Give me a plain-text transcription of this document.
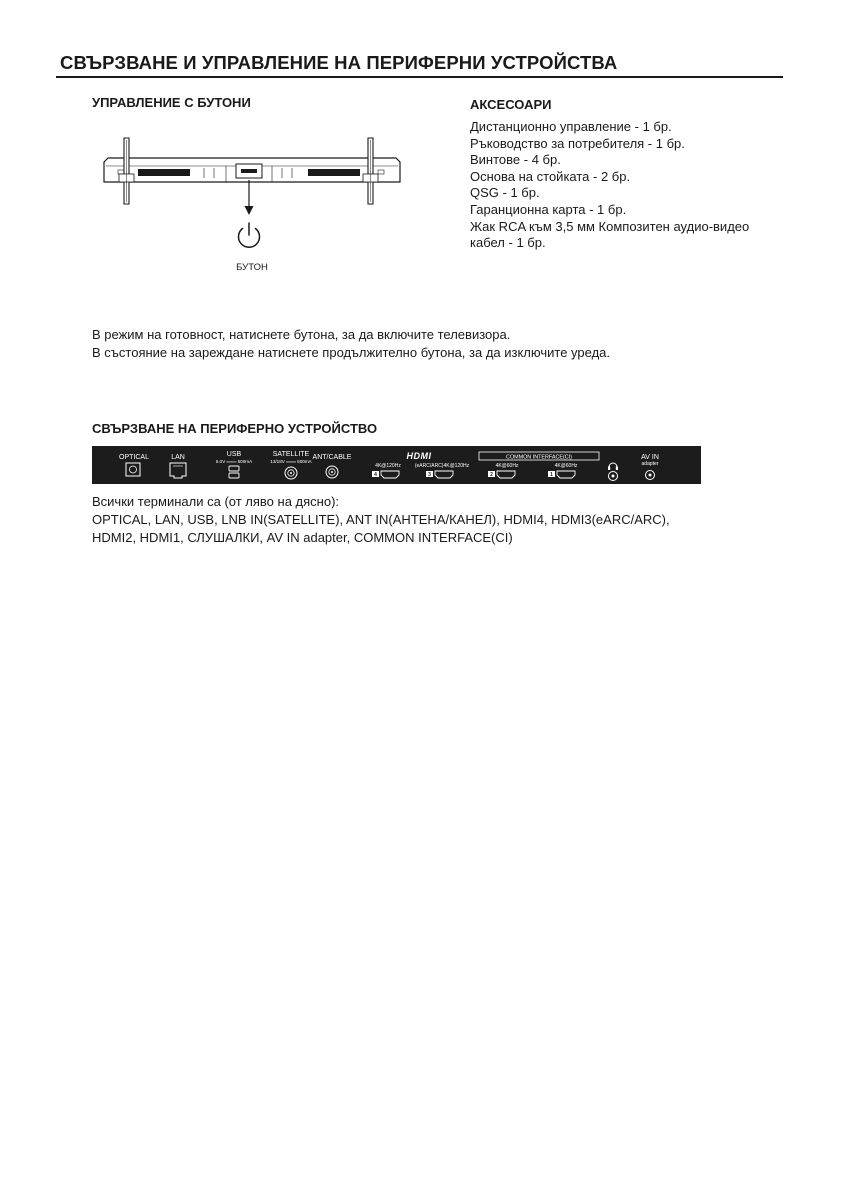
СВЪРЗВАНЕ И УПРАВЛЕНИЕ НА ПЕРИФЕРНИ УСТРОЙСТВА
УПРАВЛЕНИЕ С БУТОНИ
БУТОН
АКСЕСОАРИ
Дистанционно управление - 1 бр.
Ръководство за потребителя - 1 бр.
Винтове - 4 бр.
Основа на стойката - 2 бр.
QSG - 1 бр.
Гаранционна карта - 1 бр.
Жак RCA към 3,5 мм Композитен аудио-видео
кабел - 1 бр.
В режим на готовност, натиснете бутона, за да включите телевизора.
В състояние на зареждане натиснете продължително бутона, за да изключите уреда.
СВЪРЗВАНЕ НА ПЕРИФЕРНО УСТРОЙСТВО
OPTICAL	LAN	USB
5.0V ═══ 500mA
SATELLITE
13/18V ═══ 500mA
ANT/CABLE	HDMI
4K@120Hz
4
(eARC/ARC)4K@120Hz
3
COMMON INTERFACE(CI)
4K@60Hz
2
4K@60Hz
1
AV IN
adapter
Всички терминали са (от ляво на дясно):
OPTICAL, LAN, USB, LNB IN(SATELLITE), ANT IN(АНТЕНА/КАНЕЛ), HDMI4, HDMI3(eARC/ARC),
HDMI2, HDMI1, СЛУШАЛКИ, AV IN adapter, COMMON INTERFACE(CI)
